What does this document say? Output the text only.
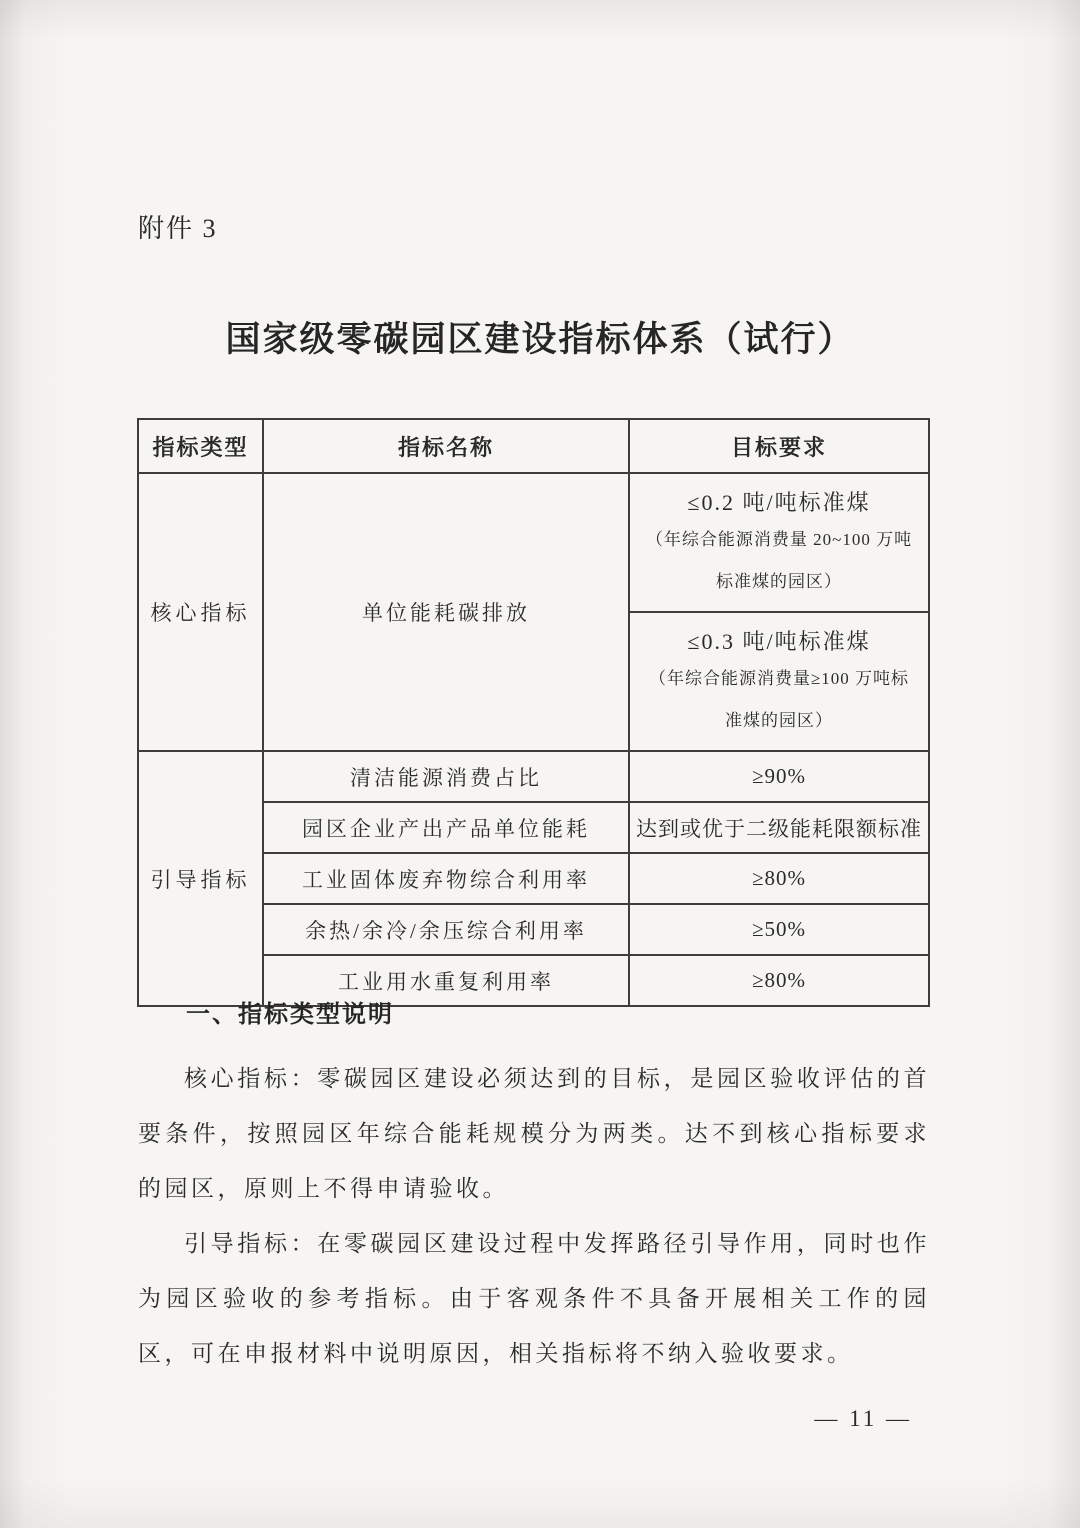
附件 3
国家级零碳园区建设指标体系（试行）
指标类型	指标名称	目标要求
核心指标	单位能耗碳排放	≤0.2 吨/吨标准煤
（年综合能源消费量 20~100 万吨标准煤的园区）

		≤0.3 吨/吨标准煤
（年综合能源消费量≥100 万吨标准煤的园区）

引导指标	清洁能源消费占比	≥90%
	园区企业产出产品单位能耗	达到或优于二级能耗限额标准
	工业固体废弃物综合利用率	≥80%
	余热/余冷/余压综合利用率	≥50%
	工业用水重复利用率	≥80%
一、指标类型说明

核心指标：零碳园区建设必须达到的目标，是园区验收评估的首要条件，按照园区年综合能耗规模分为两类。达不到核心指标要求的园区，原则上不得申请验收。

引导指标：在零碳园区建设过程中发挥路径引导作用，同时也作为园区验收的参考指标。由于客观条件不具备开展相关工作的园区，可在申报材料中说明原因，相关指标将不纳入验收要求。

— 11 —
